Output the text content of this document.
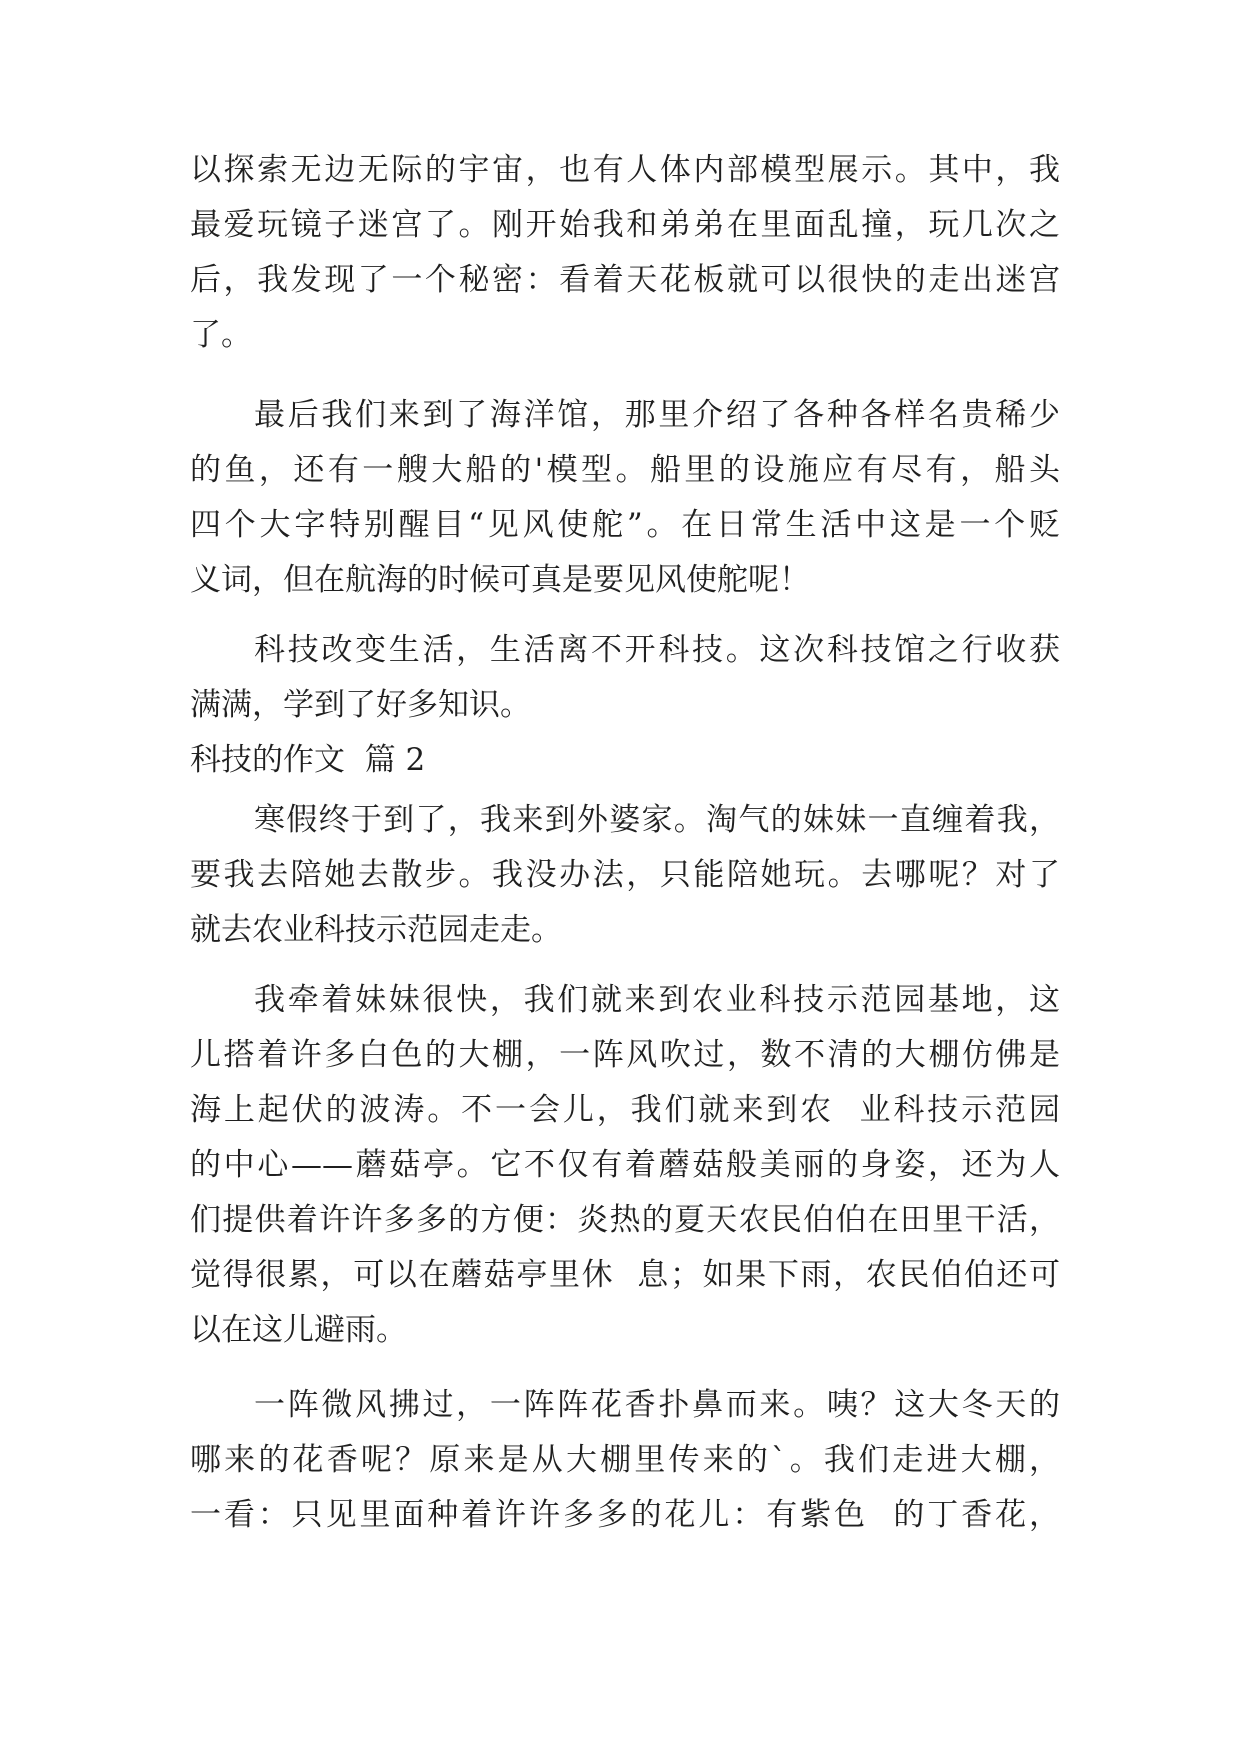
以探索无边无际的宇宙，也有人体内部模型展示。其中，我
最爱玩镜子迷宫了。刚开始我和弟弟在里面乱撞，玩几次之
后，我发现了一个秘密：看着天花板就可以很快的走出迷宫
了。
最后我们来到了海洋馆，那里介绍了各种各样名贵稀少
的鱼，还有一艘大船的'模型。船里的设施应有尽有，船头
四个大字特别醒目“见风使舵”。在日常生活中这是一个贬
义词，但在航海的时候可真是要见风使舵呢！
科技改变生活，生活离不开科技。这次科技馆之行收获
满满，学到了好多知识。
科技的作文  篇 2
寒假终于到了，我来到外婆家。淘气的妹妹一直缠着我，
要我去陪她去散步。我没办法，只能陪她玩。去哪呢？对了
就去农业科技示范园走走。
我牵着妹妹很快，我们就来到农业科技示范园基地，这
儿搭着许多白色的大棚，一阵风吹过，数不清的大棚仿佛是
海上起伏的波涛。不一会儿，我们就来到农  业科技示范园
的中心——蘑菇亭。它不仅有着蘑菇般美丽的身姿，还为人
们提供着许许多多的方便：炎热的夏天农民伯伯在田里干活，
觉得很累，可以在蘑菇亭里休  息；如果下雨，农民伯伯还可
以在这儿避雨。
一阵微风拂过，一阵阵花香扑鼻而来。咦？这大冬天的
哪来的花香呢？原来是从大棚里传来的`。我们走进大棚，
一看：只见里面种着许许多多的花儿：有紫色  的丁香花，
